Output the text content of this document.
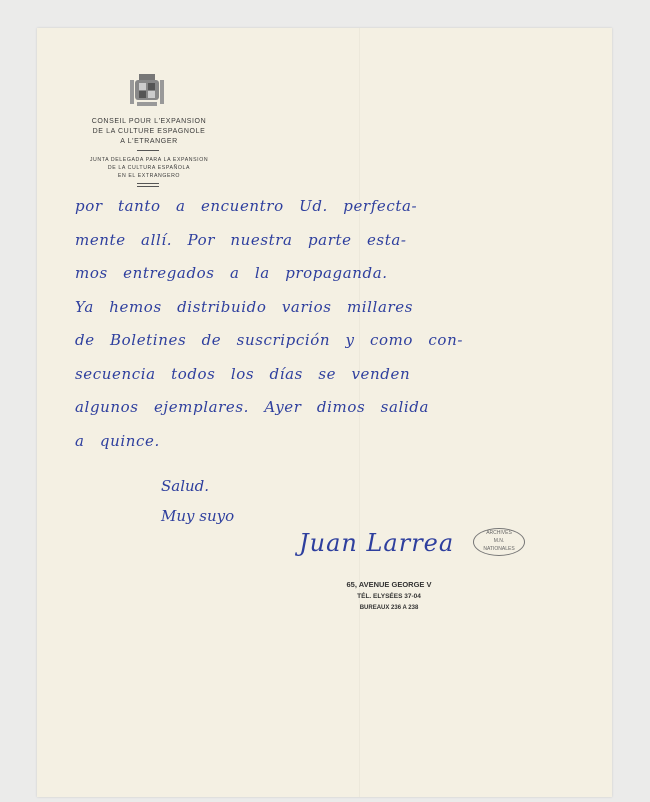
CONSEIL POUR L'EXPANSION
DE LA CULTURE ESPAGNOLE
A L'ETRANGER
JUNTA DELEGADA PARA LA EXPANSION
DE LA CULTURA ESPAÑOLA
EN EL EXTRANGERO
por tanto a encuentro Ud. perfecta-
mente allí. Por nuestra parte esta-
mos entregados a la propaganda.
Ya hemos distribuido varios millares
de Boletines de suscripción y como con-
secuencia todos los días se venden
algunos ejemplares. Ayer dimos salida
a quince.
Salud.
Muy suyo
Juan Larrea	ARCHIVES
M.N.
NATIONALES
65, AVENUE GEORGE V
TÉL. ELYSÉES 37-04
BUREAUX 236 A 238
